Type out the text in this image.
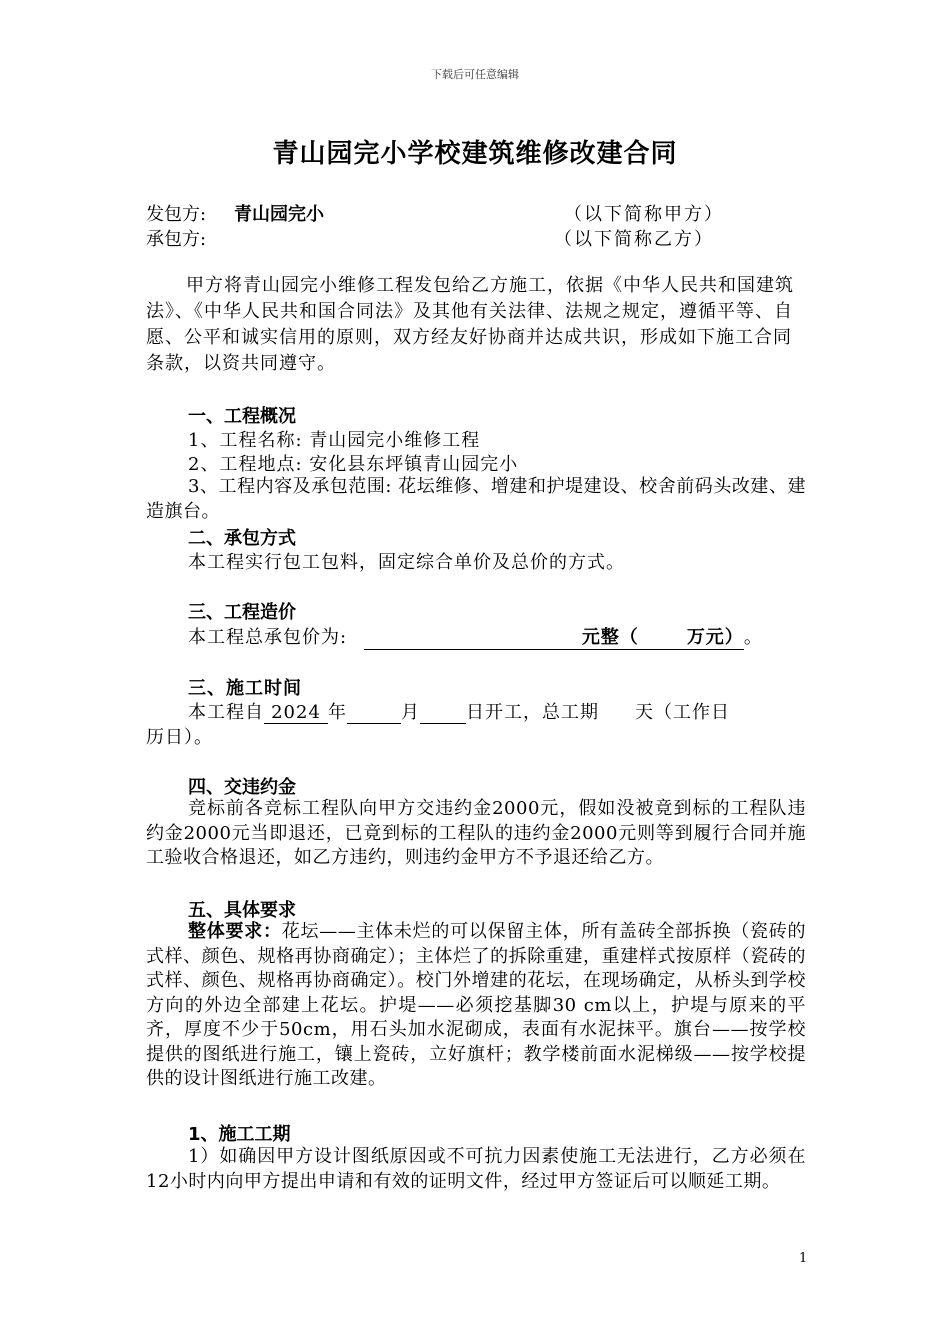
下载后可任意编辑
青山园完小学校建筑维修改建合同
发包方: 青山园完小	（以下简称甲方）
承包方:	（以下简称乙方）
甲方将青山园完小维修工程发包给乙方施工，依据《中华人民共和国建筑法》、《中华人民共和国合同法》及其他有关法律、法规之规定，遵循平等、自愿、公平和诚实信用的原则，双方经友好协商并达成共识，形成如下施工合同条款，以资共同遵守。
一、工程概况
1、工程名称: 青山园完小维修工程
2、工程地点: 安化县东坪镇青山园完小
3、工程内容及承包范围: 花坛维修、增建和护堤建设、校舍前码头改建、建造旗台。
二、承包方式
本工程实行包工包料，固定综合单价及总价的方式。
三、工程造价
本工程总承包价为:	元整（	万元）。
三、施工时间
本工程自 2024 年	月	日开工，总工期 天（工作日
历日）。
四、交违约金
竞标前各竞标工程队向甲方交违约金2000元，假如没被竟到标的工程队违约金2000元当即退还，已竟到标的工程队的违约金2000元则等到履行合同并施工验收合格退还，如乙方违约，则违约金甲方不予退还给乙方。
五、具体要求
整体要求：花坛——主体未烂的可以保留主体，所有盖砖全部拆换（瓷砖的式样、颜色、规格再协商确定）；主体烂了的拆除重建，重建样式按原样（瓷砖的式样、颜色、规格再协商确定）。校门外增建的花坛，在现场确定，从桥头到学校方向的外边全部建上花坛。护堤——必须挖基脚30 cm以上，护堤与原来的平齐，厚度不少于50cm，用石头加水泥砌成，表面有水泥抹平。旗台——按学校提供的图纸进行施工，镶上瓷砖，立好旗杆；教学楼前面水泥梯级——按学校提供的设计图纸进行施工改建。
1、施工工期
1）如确因甲方设计图纸原因或不可抗力因素使施工无法进行，乙方必须在12小时内向甲方提出申请和有效的证明文件，经过甲方签证后可以顺延工期。
1
